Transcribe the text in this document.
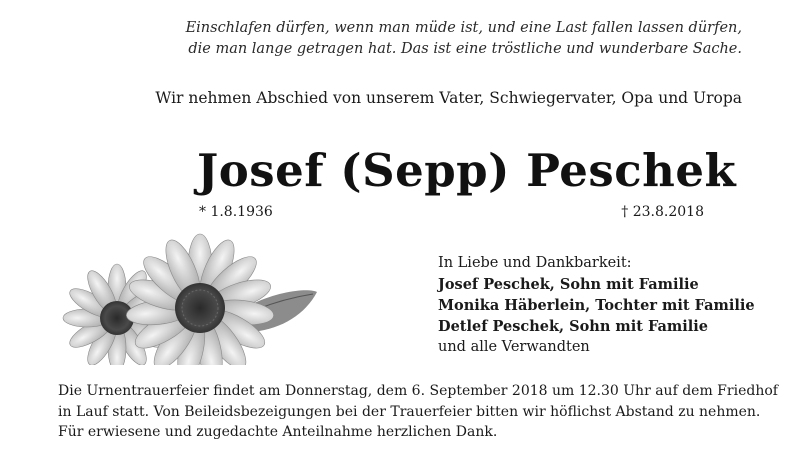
Einschlafen dürfen, wenn man müde ist, und eine Last fallen lassen dürfen,
die man lange getragen hat. Das ist eine tröstliche und wunderbare Sache.
Wir nehmen Abschied von unserem Vater, Schwiegervater, Opa und Uropa
Josef (Sepp) Peschek
* 1.8.1936	† 23.8.2018
In Liebe und Dankbarkeit:
Josef Peschek, Sohn mit Familie
Monika Häberlein, Tochter mit Familie
Detlef Peschek, Sohn mit Familie
und alle Verwandten
Die Urnentrauerfeier findet am Donnerstag, dem 6. September 2018 um 12.30 Uhr auf dem Friedhof
in Lauf statt. Von Beileidsbezeigungen bei der Trauerfeier bitten wir höflichst Abstand zu nehmen.
Für erwiesene und zugedachte Anteilnahme herzlichen Dank.
